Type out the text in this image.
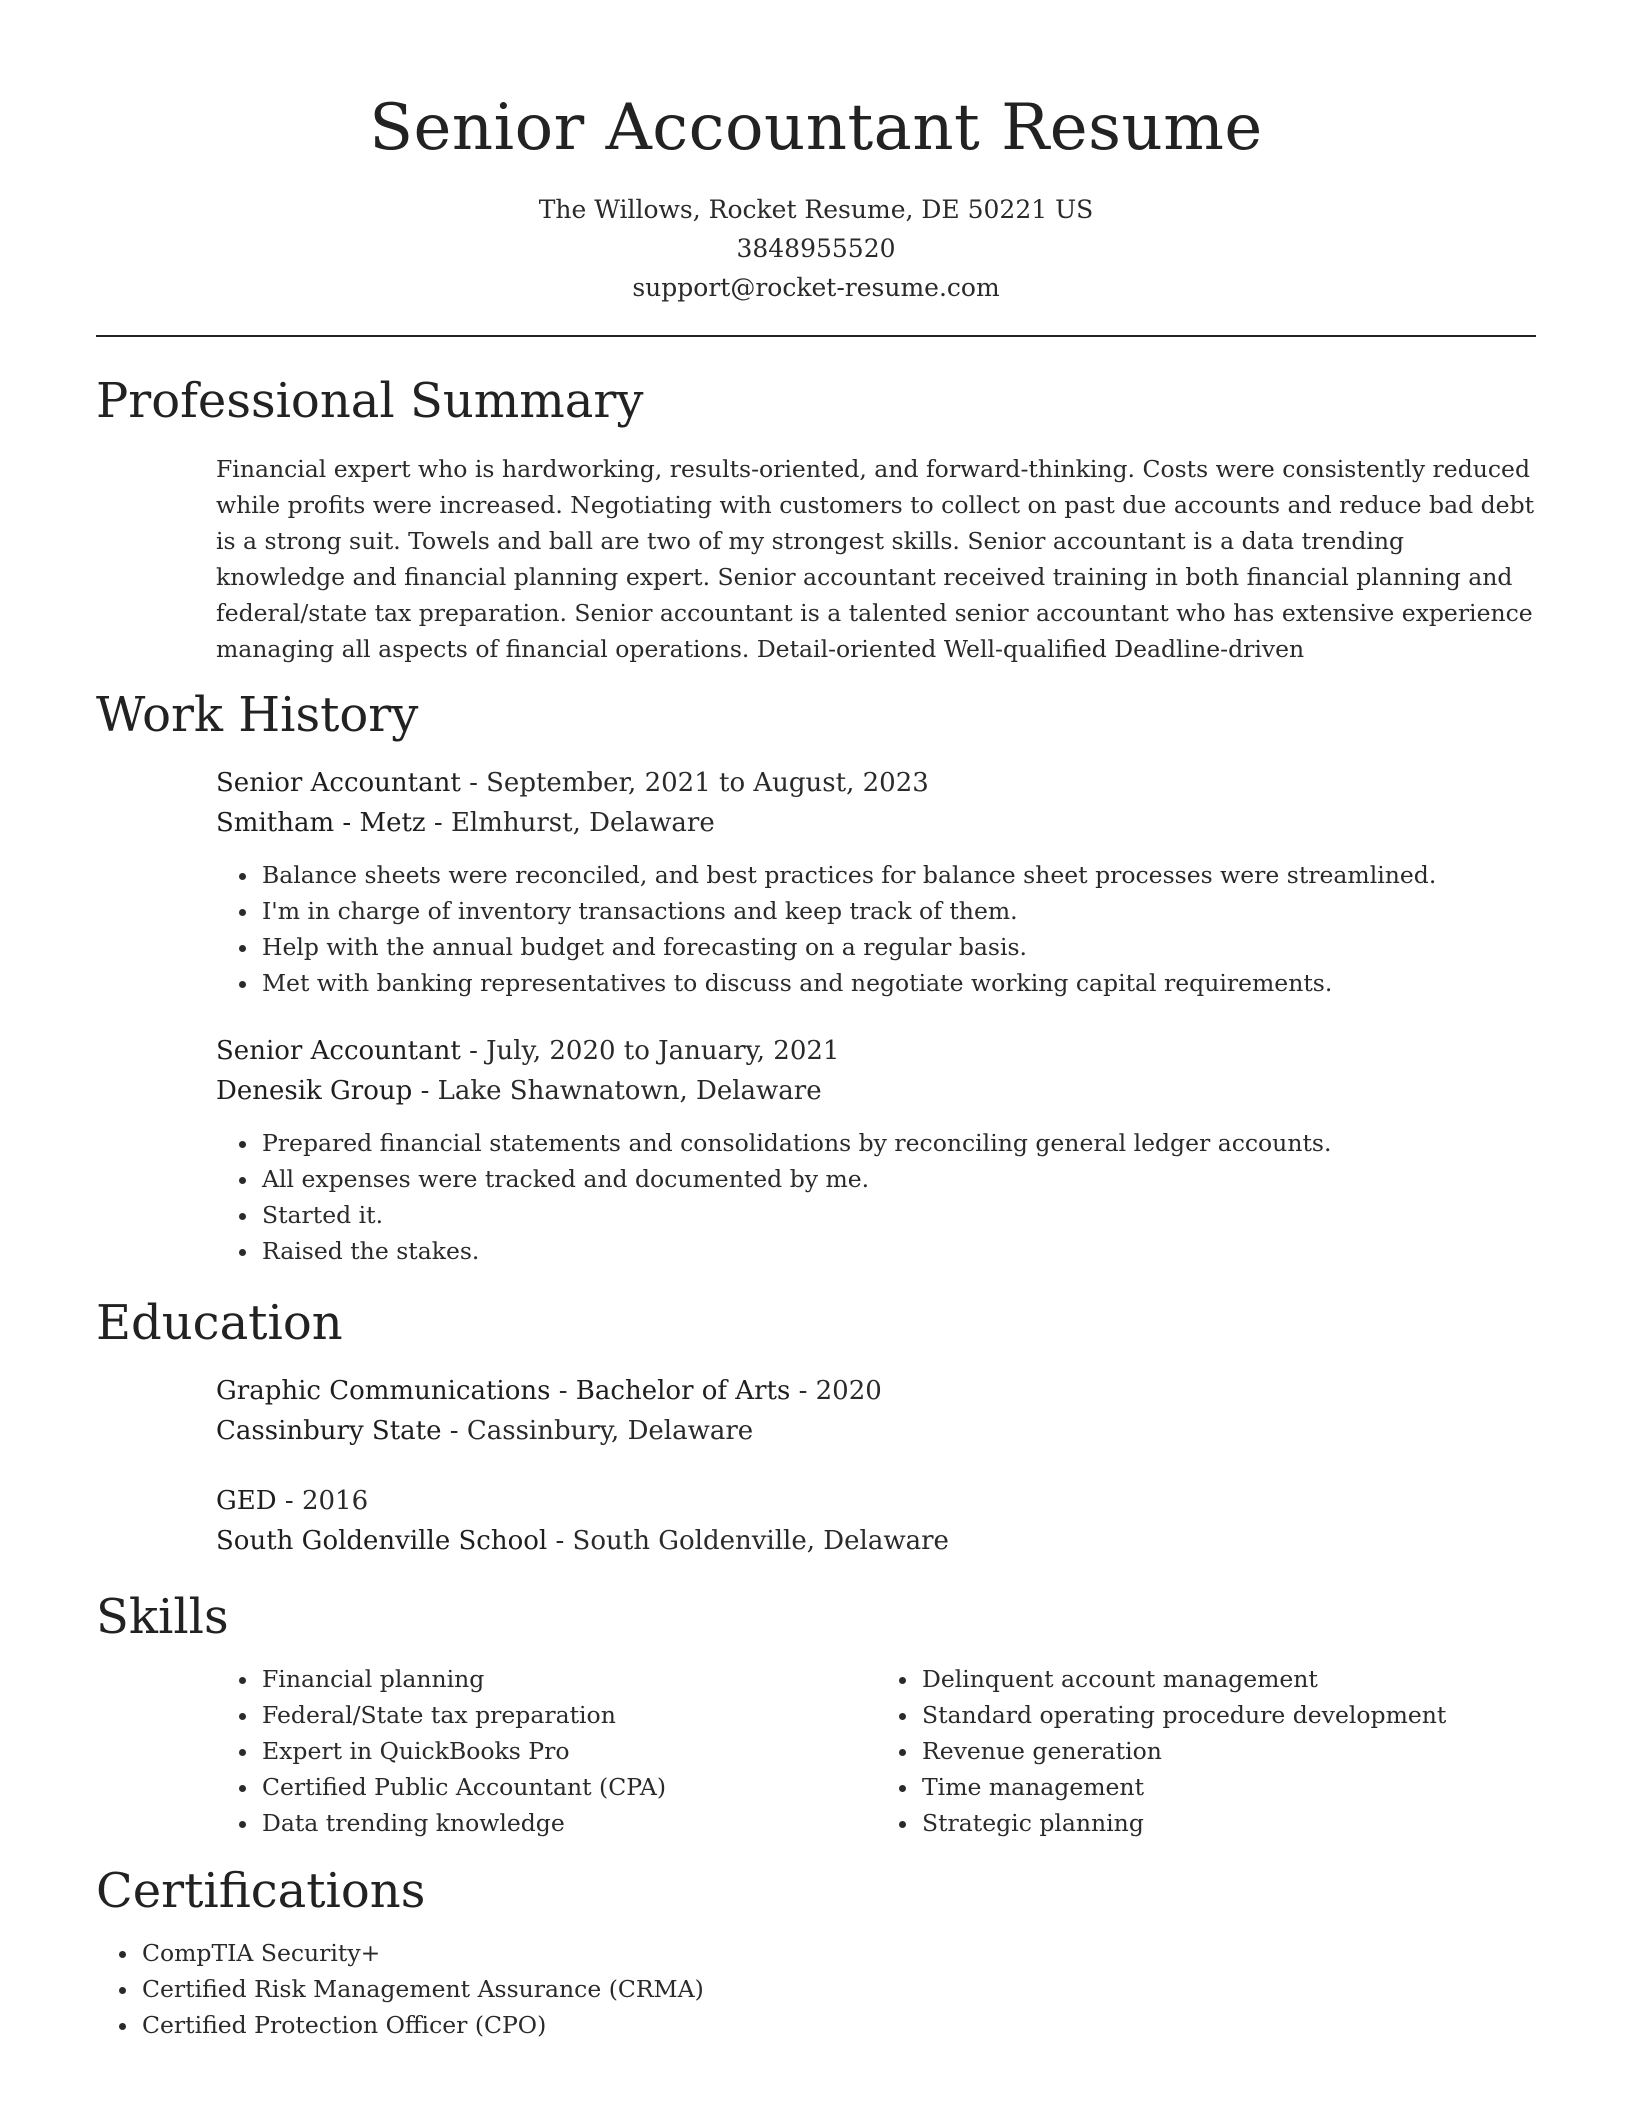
Senior Accountant Resume
The Willows, Rocket Resume, DE 50221 US
3848955520
support@rocket-resume.com
Professional Summary

Financial expert who is hardworking, results-oriented, and forward-thinking. Costs were consistently reduced while profits were increased. Negotiating with customers to collect on past due accounts and reduce bad debt is a strong suit. Towels and ball are two of my strongest skills. Senior accountant is a data trending knowledge and financial planning expert. Senior accountant received training in both financial planning and federal/state tax preparation. Senior accountant is a talented senior accountant who has extensive experience managing all aspects of financial operations. Detail-oriented Well-qualified Deadline-driven

Work History
Senior Accountant - September, 2021 to August, 2023
Smitham - Metz - Elmhurst, Delaware
• Balance sheets were reconciled, and best practices for balance sheet processes were streamlined.
• I'm in charge of inventory transactions and keep track of them.
• Help with the annual budget and forecasting on a regular basis.
• Met with banking representatives to discuss and negotiate working capital requirements.
Senior Accountant - July, 2020 to January, 2021
Denesik Group - Lake Shawnatown, Delaware
• Prepared financial statements and consolidations by reconciling general ledger accounts.
• All expenses were tracked and documented by me.
• Started it.
• Raised the stakes.
Education
Graphic Communications - Bachelor of Arts - 2020
Cassinbury State - Cassinbury, Delaware
GED - 2016
South Goldenville School - South Goldenville, Delaware
Skills
• Financial planning
• Federal/State tax preparation
• Expert in QuickBooks Pro
• Certified Public Accountant (CPA)
• Data trending knowledge
• Delinquent account management
• Standard operating procedure development
• Revenue generation
• Time management
• Strategic planning
Certifications
• CompTIA Security+
• Certified Risk Management Assurance (CRMA)
• Certified Protection Officer (CPO)
